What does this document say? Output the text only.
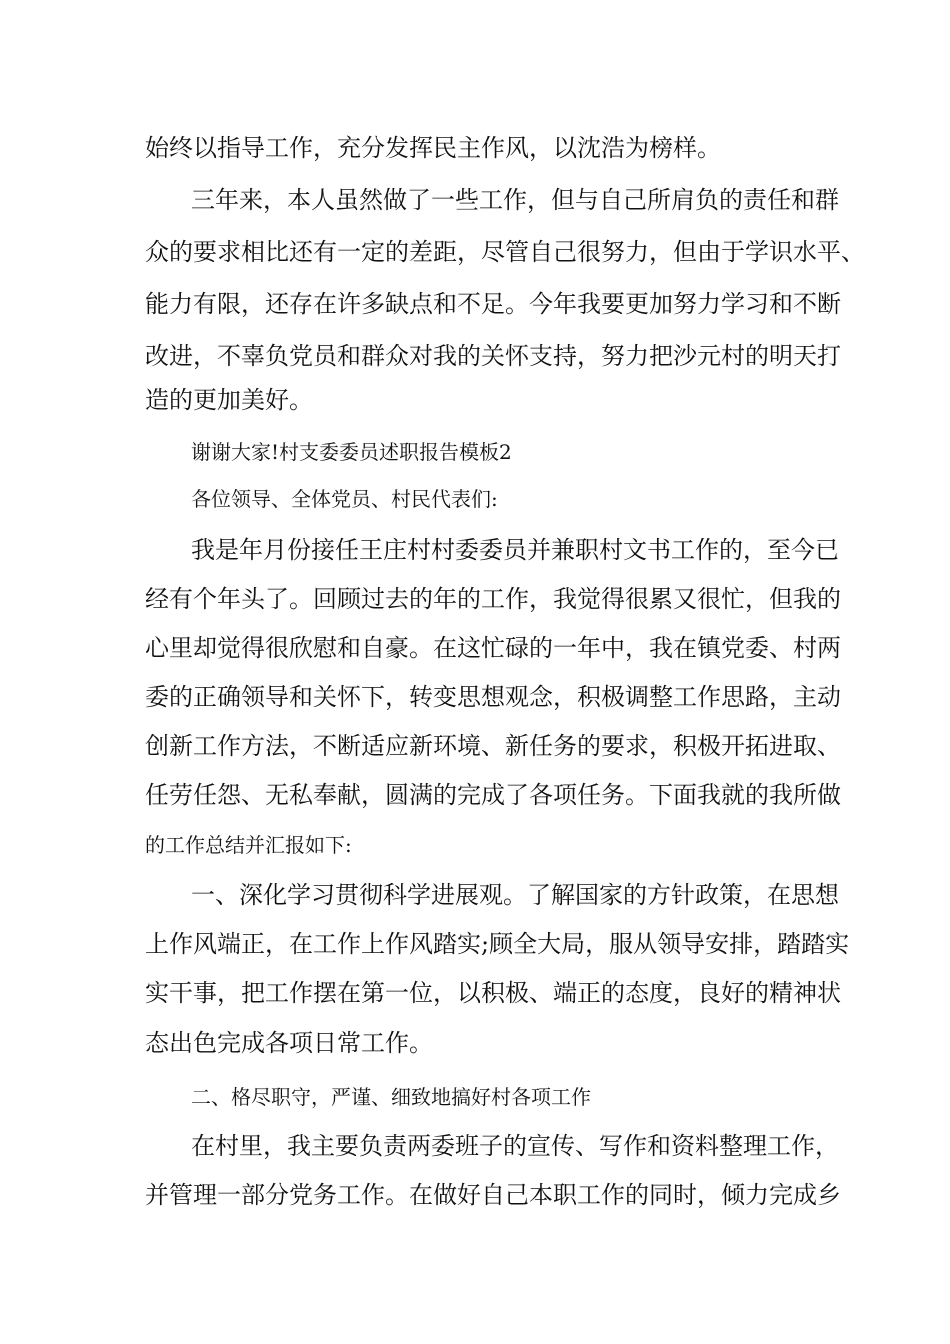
始终以指导工作，充分发挥民主作风，以沈浩为榜样。
三年来，本人虽然做了一些工作，但与自己所肩负的责任和群
众的要求相比还有一定的差距，尽管自己很努力，但由于学识水平、
能力有限，还存在许多缺点和不足。今年我要更加努力学习和不断
改进，不辜负党员和群众对我的关怀支持，努力把沙元村的明天打
造的更加美好。
谢谢大家!村支委委员述职报告模板2
各位领导、全体党员、村民代表们:
我是年月份接任王庄村村委委员并兼职村文书工作的，至今已
经有个年头了。回顾过去的年的工作，我觉得很累又很忙，但我的
心里却觉得很欣慰和自豪。在这忙碌的一年中，我在镇党委、村两
委的正确领导和关怀下，转变思想观念，积极调整工作思路，主动
创新工作方法，不断适应新环境、新任务的要求，积极开拓进取、
任劳任怨、无私奉献，圆满的完成了各项任务。下面我就的我所做
的工作总结并汇报如下:
一、深化学习贯彻科学进展观。了解国家的方针政策，在思想
上作风端正，在工作上作风踏实;顾全大局，服从领导安排，踏踏实
实干事，把工作摆在第一位，以积极、端正的态度，良好的精神状
态出色完成各项日常工作。
二、格尽职守，严谨、细致地搞好村各项工作
在村里，我主要负责两委班子的宣传、写作和资料整理工作，
并管理一部分党务工作。在做好自己本职工作的同时，倾力完成乡
